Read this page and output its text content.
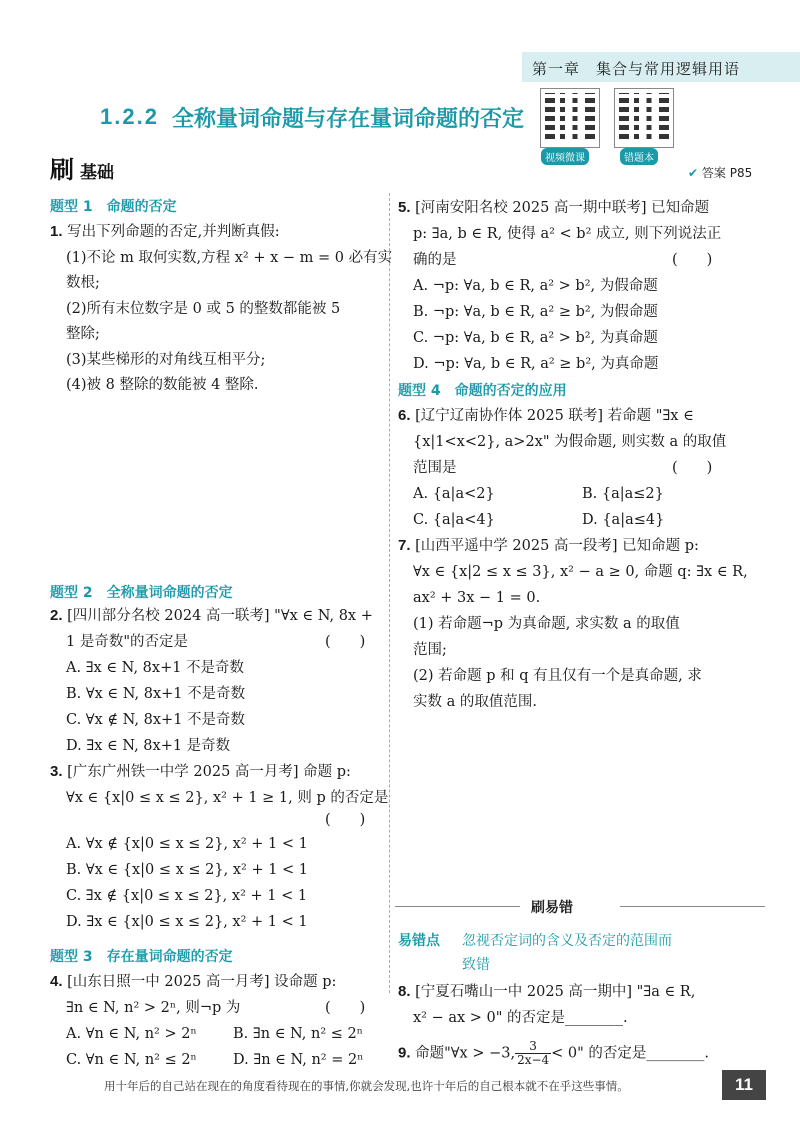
第一章　集合与常用逻辑用语
1.2.2 全称量词命题与存在量词命题的否定
视频微课	错题本
刷 基础	✔ 答案 P85
题型 1　命题的否定
1. 写出下列命题的否定,并判断真假:
(1)不论 m 取何实数,方程 x² + x − m = 0 必有实
数根;
(2)所有末位数字是 0 或 5 的整数都能被 5
整除;
(3)某些梯形的对角线互相平分;
(4)被 8 整除的数能被 4 整除.
题型 2　全称量词命题的否定
2. [四川部分名校 2024 高一联考] "∀x ∈ N, 8x +
1 是奇数"的否定是	(　　)
A. ∃x ∈ N, 8x+1 不是奇数
B. ∀x ∈ N, 8x+1 不是奇数
C. ∀x ∉ N, 8x+1 不是奇数
D. ∃x ∈ N, 8x+1 是奇数
3. [广东广州铁一中学 2025 高一月考] 命题 p:
∀x ∈ {x|0 ≤ x ≤ 2}, x² + 1 ≥ 1, 则 p 的否定是
(　　)
A. ∀x ∉ {x|0 ≤ x ≤ 2}, x² + 1 < 1
B. ∀x ∈ {x|0 ≤ x ≤ 2}, x² + 1 < 1
C. ∃x ∉ {x|0 ≤ x ≤ 2}, x² + 1 < 1
D. ∃x ∈ {x|0 ≤ x ≤ 2}, x² + 1 < 1
题型 3　存在量词命题的否定
4. [山东日照一中 2025 高一月考] 设命题 p:
∃n ∈ N, n² > 2ⁿ, 则¬p 为	(　　)
A. ∀n ∈ N, n² > 2ⁿ	B. ∃n ∈ N, n² ≤ 2ⁿ
C. ∀n ∈ N, n² ≤ 2ⁿ D. ∃n ∈ N, n² = 2ⁿ
5. [河南安阳名校 2025 高一期中联考] 已知命题
p: ∃a, b ∈ R, 使得 a² < b² 成立, 则下列说法正
确的是	(　　)
A. ¬p: ∀a, b ∈ R, a² > b², 为假命题
B. ¬p: ∀a, b ∈ R, a² ≥ b², 为假命题
C. ¬p: ∀a, b ∈ R, a² > b², 为真命题
D. ¬p: ∀a, b ∈ R, a² ≥ b², 为真命题
题型 4　命题的否定的应用
6. [辽宁辽南协作体 2025 联考] 若命题 "∃x ∈
{x|1<x<2}, a>2x" 为假命题, 则实数 a 的取值
范围是	(　　)
A. {a|a<2}	B. {a|a≤2}
C. {a|a<4}	D. {a|a≤4}
7. [山西平遥中学 2025 高一段考] 已知命题 p:
∀x ∈ {x|2 ≤ x ≤ 3}, x² − a ≥ 0, 命题 q: ∃x ∈ R,
ax² + 3x − 1 = 0.
(1) 若命题¬p 为真命题, 求实数 a 的取值
范围;
(2) 若命题 p 和 q 有且仅有一个是真命题, 求
实数 a 的取值范围.
刷易错
易错点 忽视否定词的含义及否定的范围而
致错
8. [宁夏石嘴山一中 2025 高一期中] "∃a ∈ R,
x² − ax > 0" 的否定是________.
9. 命题"∀x > −3, $\frac{3}{2x-4} < 0$" 的否定是________.
用十年后的自己站在现在的角度看待现在的事情,你就会发现,也许十年后的自己根本就不在乎这些事情。	11
